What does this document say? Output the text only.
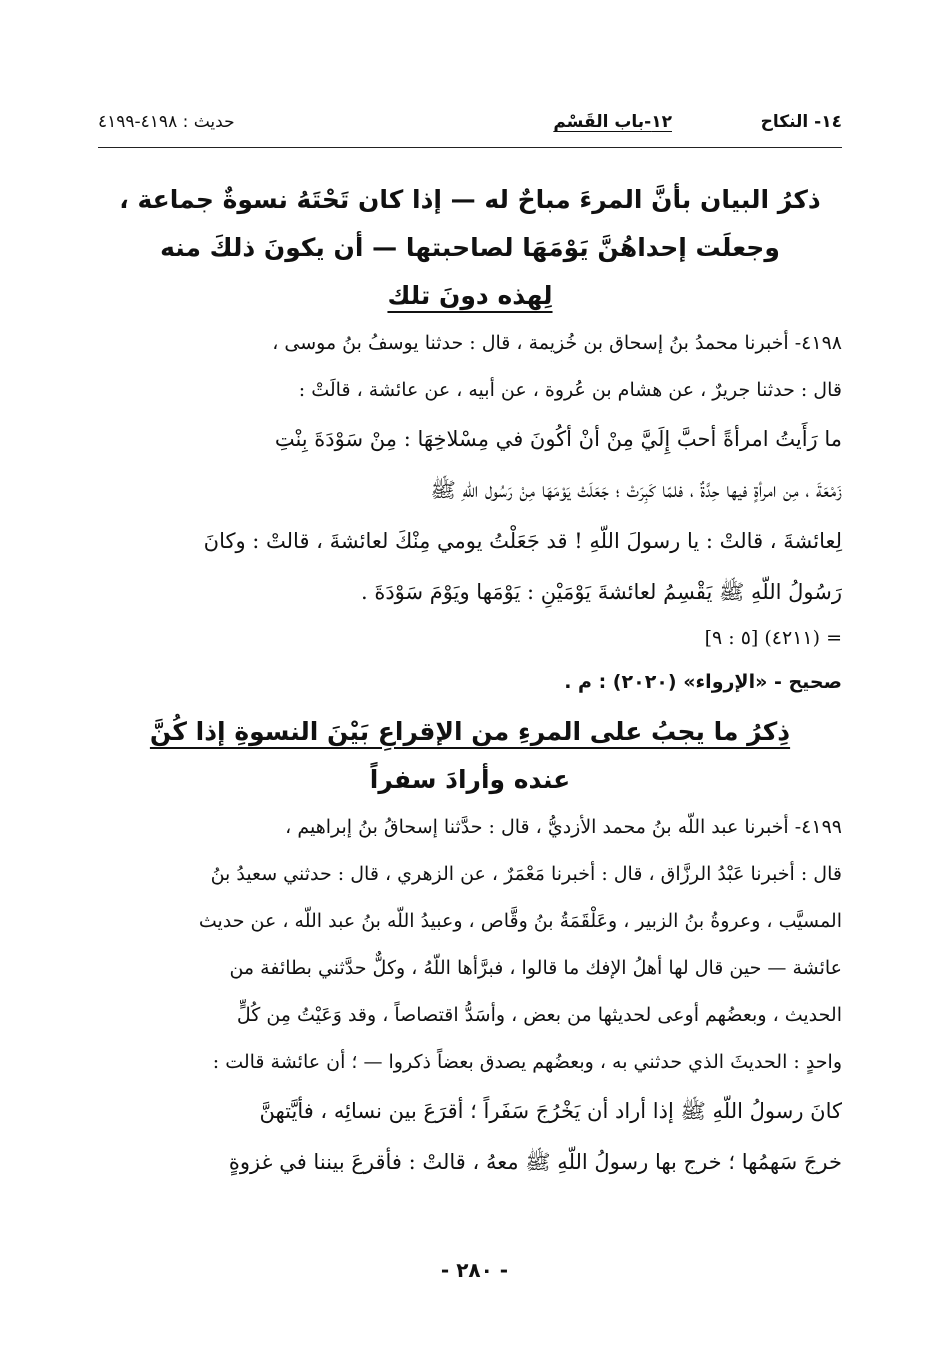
١٤- النكاح
١٢-باب القَسْم
حديث : ٤١٩٨-٤١٩٩
ذكرُ البيان بأنَّ المرءَ مباحٌ له — إذا كان تَحْتَهُ نسوةٌ جماعة ،
وجعلَت إحداهُنَّ يَوْمَهَا لصاحبتها — أن يكونَ ذلكَ منه
لِهذه دونَ تلك

٤١٩٨- أخبرنا محمدُ بنُ إسحاق بن خُزيمة ، قال : حدثنا يوسفُ بنُ موسى ،
قال : حدثنا جريرٌ ، عن هشام بن عُروة ، عن أبيه ، عن عائشة ، قالَتْ :

ما رَأَيتُ امرأةً أحبَّ إِلَيَّ مِنْ أنْ أكُونَ في مِسْلاخِهَا : مِنْ سَوْدَةَ بِنْتِ
زَمْعَةَ ، مِن امرأةٍ فيها حِدَّةٌ ، فلمّا كَبِرَتْ ؛ جَعَلَتْ يَوْمَهَا مِنْ رَسُول اللّهِ ﷺ
لِعائشةَ ، قالتْ : يا رسولَ اللّهِ ! قد جَعَلْتُ يومي مِنْكَ لعائشةَ ، قالتْ : وكانَ
رَسُولُ اللّهِ ﷺ يَقْسِمُ لعائشةَ يَوْمَيْنِ : يَوْمَها ويَوْمَ سَوْدَةَ .

= (٤٢١١) [٥ : ٩]

صحيح - «الإرواء» (٢٠٢٠) : م .

ذِكرُ ما يجبُ على المرءِ من الإقراعِ بَيْنَ النسوةِ إذا كُنَّ
عنده وأرادَ سفراً

٤١٩٩- أخبرنا عبد اللّه بنُ محمد الأزديُّ ، قال : حدَّثنا إسحاقُ بنُ إبراهيم ،
قال : أخبرنا عَبْدُ الرزَّاق ، قال : أخبرنا مَعْمَرٌ ، عن الزهري ، قال : حدثني سعيدُ بنُ
المسيَّب ، وعروةُ بنُ الزبير ، وعَلْقَمَةُ بنُ وقَّاص ، وعبيدُ اللّه بنُ عبد اللّه ، عن حديث
عائشة — حين قال لها أهلُ الإفك ما قالوا ، فبرَّأها اللّهُ ، وكلٌّ حدَّثني بطائفة من
الحديث ، وبعضُهم أوعى لحديثها من بعض ، وأسَدُّ اقتصاصاً ، وقد وَعَيْتُ مِن كُلٍّ
واحدٍ : الحديثَ الذي حدثني به ، وبعضُهم يصدق بعضاً ذكروا — ؛ أن عائشة قالت :

كانَ رسولُ اللّهِ ﷺ إذا أراد أن يَخْرُجَ سَفَراً ؛ أقرَعَ بين نسائِه ، فأيَّتهنَّ
خرجَ سَهمُها ؛ خرج بها رسولُ اللّهِ ﷺ معهُ ، قالتْ : فأقرعَ بيننا في غزوةٍ

- ٢٨٠ -
